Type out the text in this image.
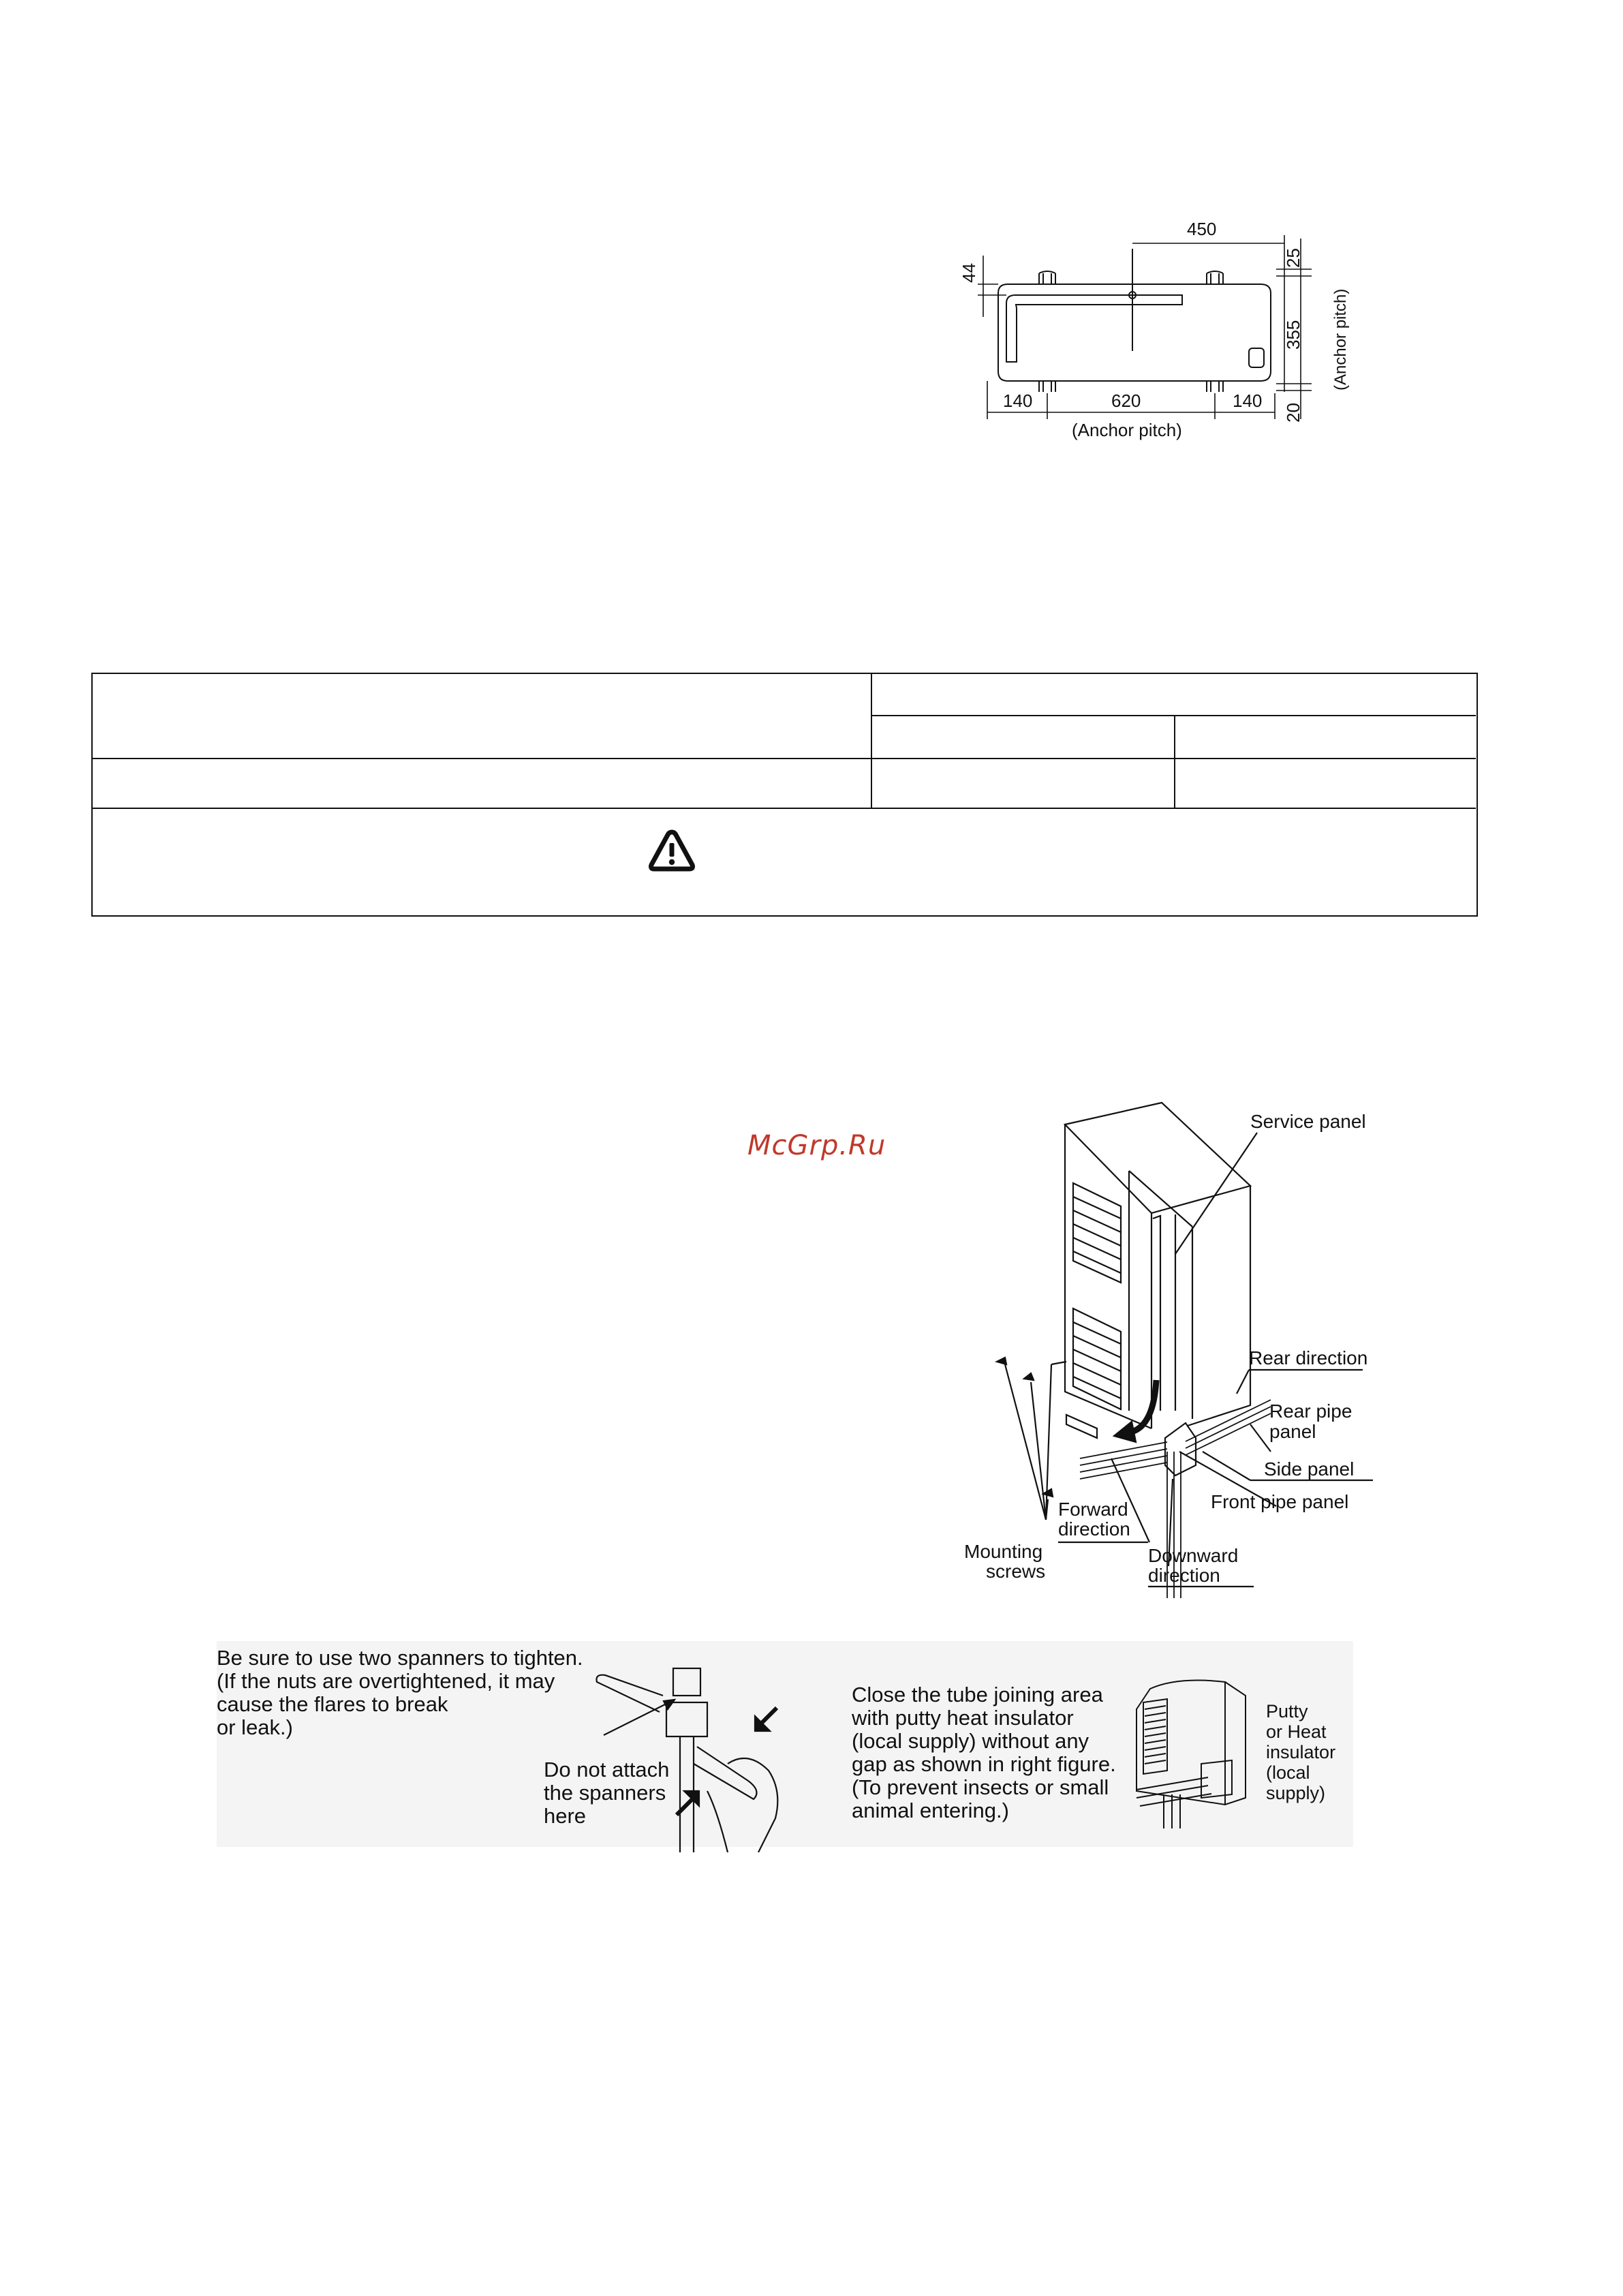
450
44
25
355
20
(Anchor pitch)
140	620	140
(Anchor pitch)
McGrp.Ru
Service panel
Rear direction
Rear pipe
panel
Side panel
Front pipe panel
Forward
direction
Downward
direction
Mounting
screws
Be sure to use two spanners to tighten.
(If the nuts are overtightened, it may
cause the flares to break
or leak.)
Do not attach
the spanners
here
Close the tube joining area
with putty heat insulator
(local supply) without any
gap as shown in right figure.
(To prevent insects or small
animal entering.)
Putty
or Heat
insulator
(local
supply)
